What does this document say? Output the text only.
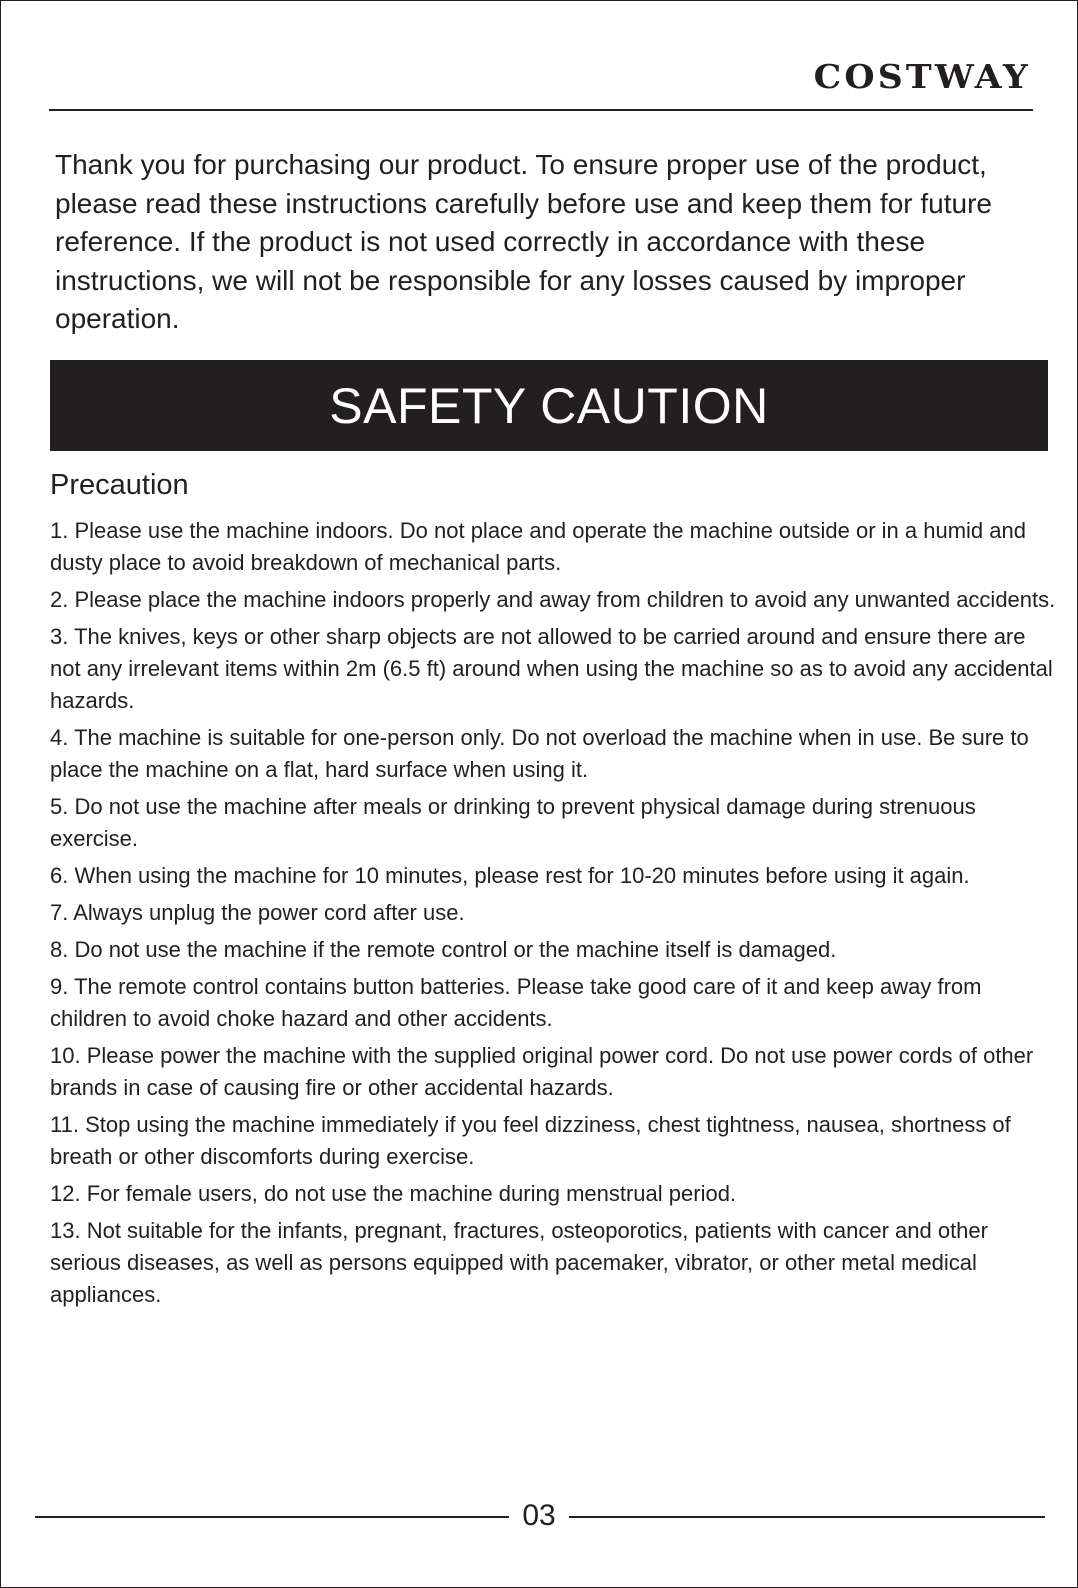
COSTWAY

Thank you for purchasing our product. To ensure proper use of the product, please read these instructions carefully before use and keep them for future reference. If the product is not used correctly in accordance with these instructions, we will not be responsible for any losses caused by improper operation.

SAFETY CAUTION
Precaution
1. Please use the machine indoors. Do not place and operate the machine outside or in a humid and dusty place to avoid breakdown of mechanical parts.
2. Please place the machine indoors properly and away from children to avoid any unwanted accidents.
3. The knives, keys or other sharp objects are not allowed to be carried around and ensure there are not any irrelevant items within 2m (6.5 ft) around when using the machine so as to avoid any accidental hazards.
4. The machine is suitable for one-person only. Do not overload the machine when in use. Be sure to place the machine on a flat, hard surface when using it.
5. Do not use the machine after meals or drinking to prevent physical damage during strenuous exercise.
6. When using the machine for 10 minutes, please rest for 10-20 minutes before using it again.
7. Always unplug the power cord after use.
8. Do not use the machine if the remote control or the machine itself is damaged.
9. The remote control contains button batteries. Please take good care of it and keep away from children to avoid choke hazard and other accidents.
10. Please power the machine with the supplied original power cord. Do not use power cords of other brands in case of causing fire or other accidental hazards.
11. Stop using the machine immediately if you feel dizziness, chest tightness, nausea, shortness of breath or other discomforts during exercise.
12. For female users, do not use the machine during menstrual period.
13. Not suitable for the infants, pregnant, fractures, osteoporotics, patients with cancer and other serious diseases, as well as persons equipped with pacemaker, vibrator, or other metal medical appliances.
03
